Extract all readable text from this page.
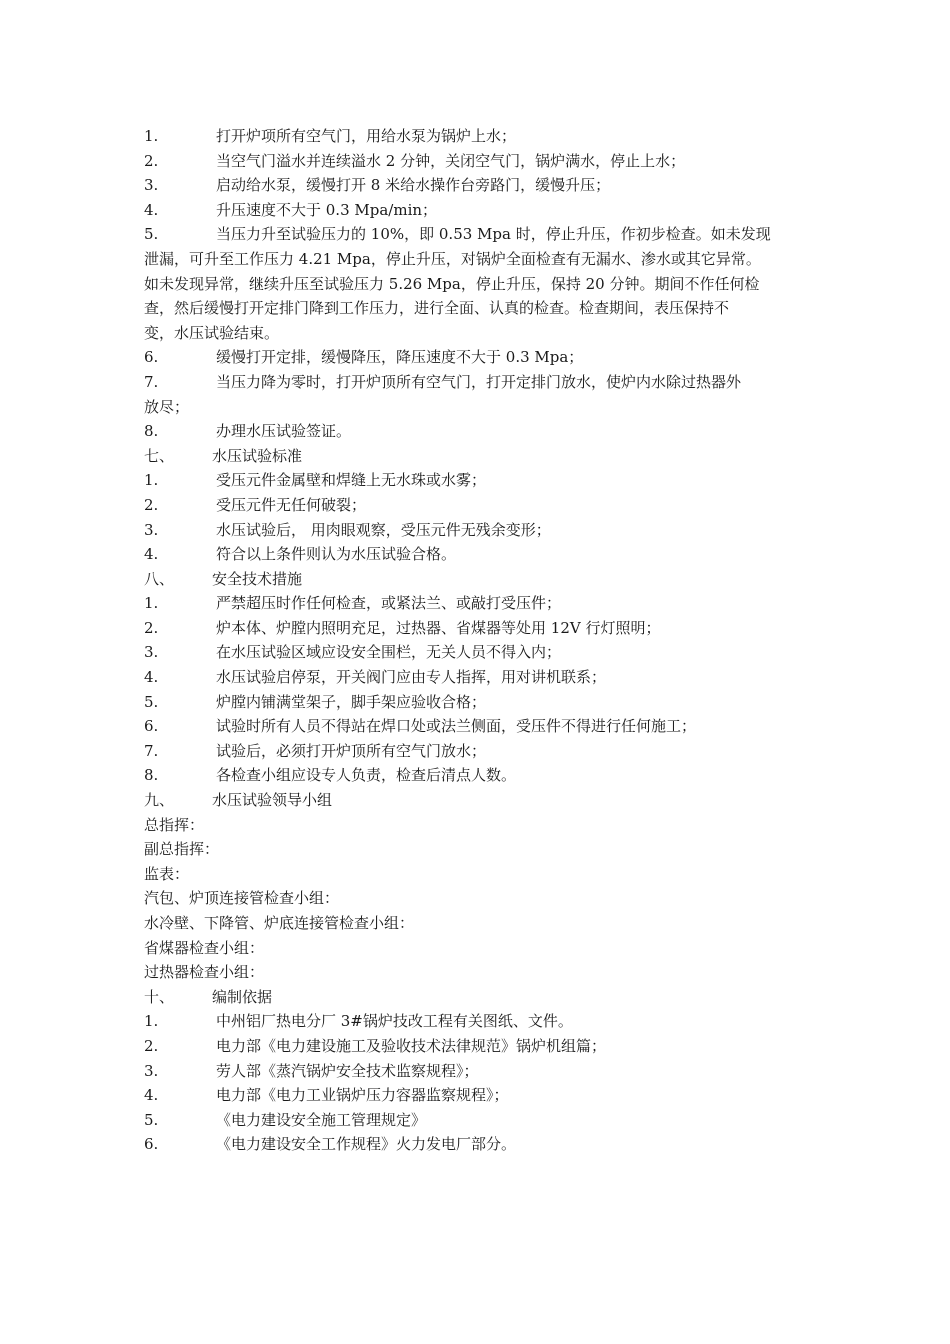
1.	打开炉项所有空气门，用给水泵为锅炉上水；
2.	当空气门溢水并连续溢水 2 分钟，关闭空气门，锅炉满水，停止上水；
3.	启动给水泵，缓慢打开 8 米给水操作台旁路门，缓慢升压；
4.	升压速度不大于 0.3 Mpa/min；
5.	当压力升至试验压力的 10%，即 0.53 Mpa 时，停止升压，作初步检查。如未发现
泄漏，可升至工作压力 4.21 Mpa，停止升压，对锅炉全面检查有无漏水、渗水或其它异常。
如未发现异常，继续升压至试验压力 5.26 Mpa，停止升压，保持 20 分钟。期间不作任何检
查，然后缓慢打开定排门降到工作压力，进行全面、认真的检查。检查期间，表压保持不
变，水压试验结束。
6.	缓慢打开定排，缓慢降压，降压速度不大于 0.3 Mpa；
7.	当压力降为零时，打开炉顶所有空气门，打开定排门放水，使炉内水除过热器外
放尽；
8.	办理水压试验签证。
七、	水压试验标准
1.	受压元件金属壁和焊缝上无水珠或水雾；
2.	受压元件无任何破裂；
3.	水压试验后， 用肉眼观察，受压元件无残余变形；
4.	符合以上条件则认为水压试验合格。
八、	安全技术措施
1.	严禁超压时作任何检查，或紧法兰、或敲打受压件；
2.	炉本体、炉膛内照明充足，过热器、省煤器等处用 12V 行灯照明；
3.	在水压试验区域应设安全围栏，无关人员不得入内；
4.	水压试验启停泵，开关阀门应由专人指挥，用对讲机联系；
5.	炉膛内铺满堂架子，脚手架应验收合格；
6.	试验时所有人员不得站在焊口处或法兰侧面，受压件不得进行任何施工；
7.	试验后，必须打开炉顶所有空气门放水；
8.	各检查小组应设专人负责，检查后清点人数。
九、	水压试验领导小组
总指挥：
副总指挥：
监表：
汽包、炉顶连接管检查小组：
水冷壁、下降管、炉底连接管检查小组：
省煤器检查小组：
过热器检查小组：
十、	编制依据
1.	中州铝厂热电分厂 3#锅炉技改工程有关图纸、文件。
2.	电力部《电力建设施工及验收技术法律规范》锅炉机组篇；
3.	劳人部《蒸汽锅炉安全技术监察规程》；
4.	电力部《电力工业锅炉压力容器监察规程》；
5.	《电力建设安全施工管理规定》
6.	《电力建设安全工作规程》火力发电厂部分。
